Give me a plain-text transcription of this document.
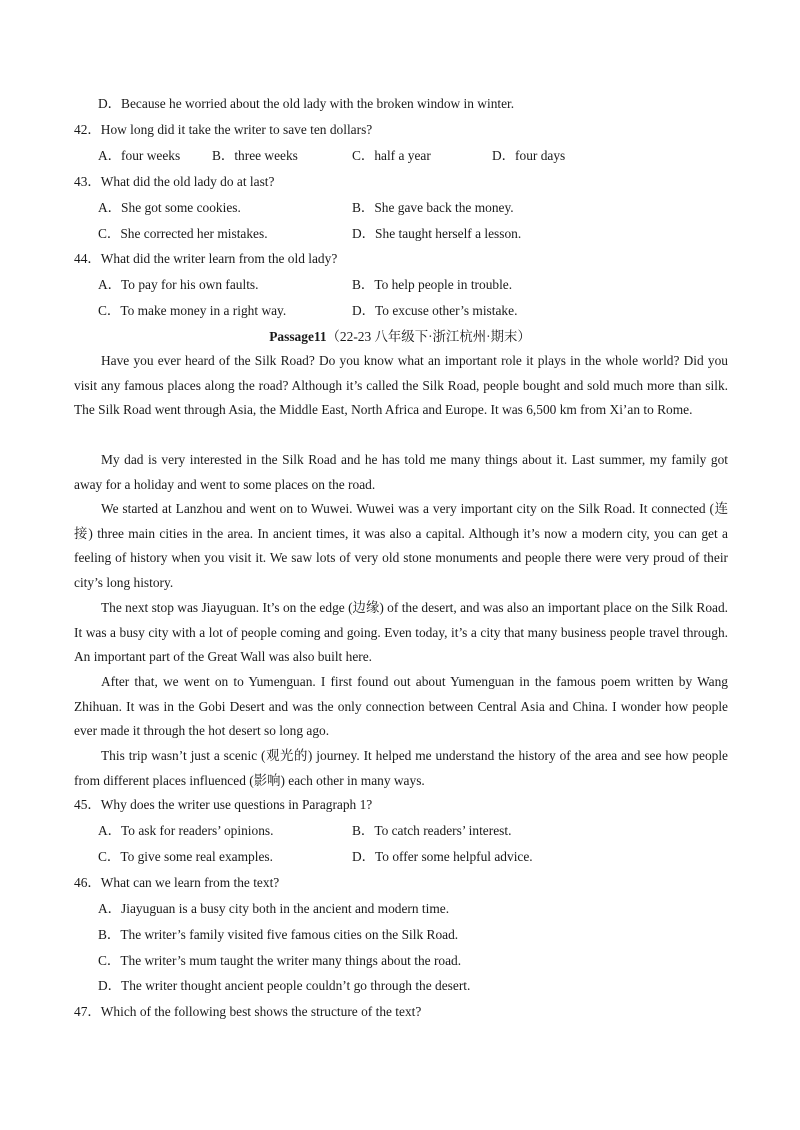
D．Because he worried about the old lady with the broken window in winter.
42．How long did it take the writer to save ten dollars?
A．four weeks B．three weeks	C．half a year	D．four days
43．What did the old lady do at last?
A．She got some cookies.	B．She gave back the money.
C．She corrected her mistakes.	D．She taught herself a lesson.
44．What did the writer learn from the old lady?
A．To pay for his own faults.	B．To help people in trouble.
C．To make money in a right way.	D．To excuse other’s mistake.
Passage11（22-23 八年级下·浙江杭州·期末）
Have you ever heard of the Silk Road? Do you know what an important role it plays in the whole world? Did you visit any famous places along the road? Although it’s called the Silk Road, people bought and sold much more than silk. The Silk Road went through Asia, the Middle East, North Africa and Europe. It was 6,500 km from Xi’an to Rome.
My dad is very interested in the Silk Road and he has told me many things about it. Last summer, my family got away for a holiday and went to some places on the road.
We started at Lanzhou and went on to Wuwei. Wuwei was a very important city on the Silk Road. It connected (连接) three main cities in the area. In ancient times, it was also a capital. Although it’s now a modern city, you can get a feeling of history when you visit it. We saw lots of very old stone monuments and people there were very proud of their city’s long history.
The next stop was Jiayuguan. It’s on the edge (边缘) of the desert, and was also an important place on the Silk Road. It was a busy city with a lot of people coming and going. Even today, it’s a city that many business people travel through. An important part of the Great Wall was also built here.
After that, we went on to Yumenguan. I first found out about Yumenguan in the famous poem written by Wang Zhihuan. It was in the Gobi Desert and was the only connection between Central Asia and China. I wonder how people ever made it through the hot desert so long ago.
This trip wasn’t just a scenic (观光的) journey. It helped me understand the history of the area and see how people from different places influenced (影响) each other in many ways.
45．Why does the writer use questions in Paragraph 1?
A．To ask for readers’ opinions.	B．To catch readers’ interest.
C．To give some real examples.	D．To offer some helpful advice.
46．What can we learn from the text?
A．Jiayuguan is a busy city both in the ancient and modern time.
B．The writer’s family visited five famous cities on the Silk Road.
C．The writer’s mum taught the writer many things about the road.
D．The writer thought ancient people couldn’t go through the desert.
47．Which of the following best shows the structure of the text?
